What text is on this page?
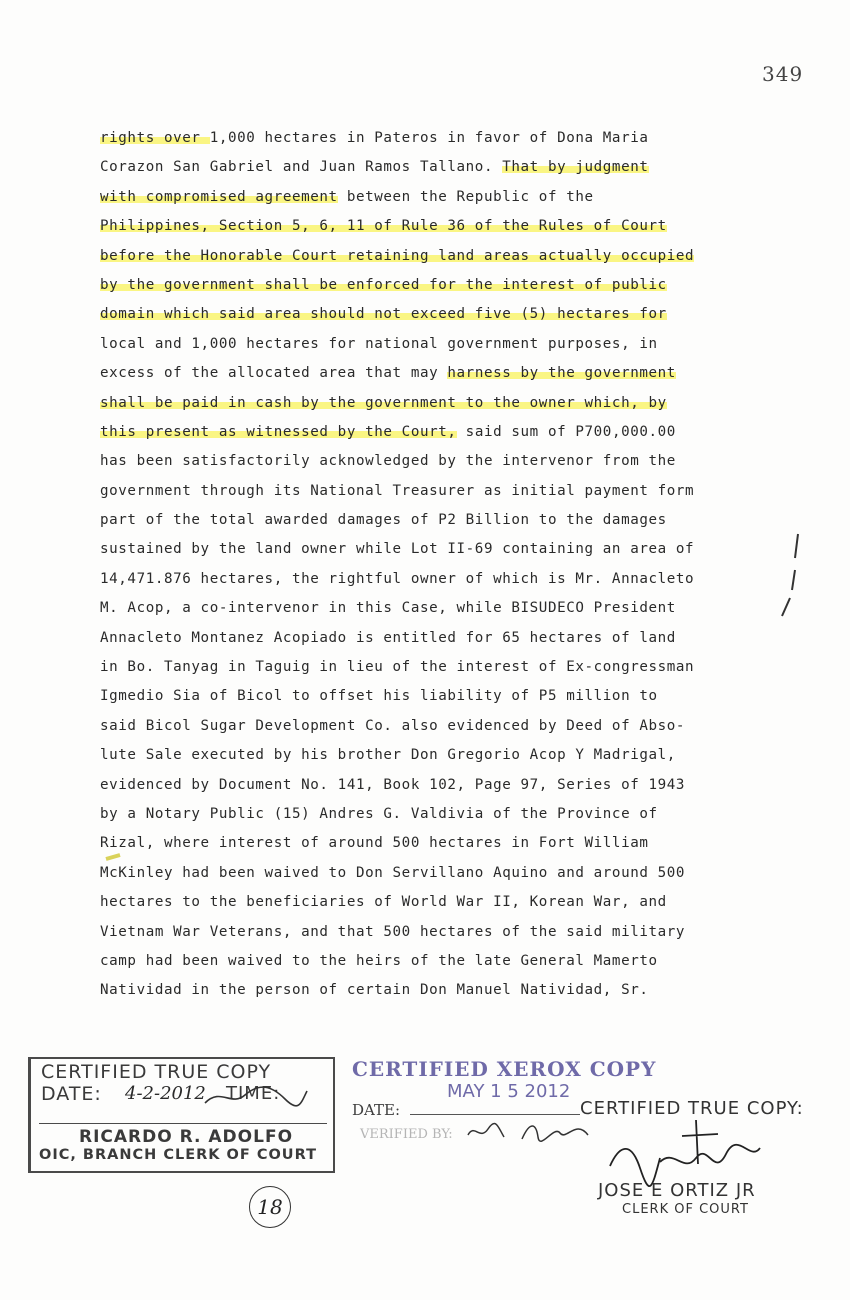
349
rights over 1,000 hectares in Pateros in favor of Dona Maria
Corazon San Gabriel and Juan Ramos Tallano. That by judgment
with compromised agreement between the Republic of the
Philippines, Section 5, 6, 11 of Rule 36 of the Rules of Court
before the Honorable Court retaining land areas actually occupied
by the government shall be enforced for the interest of public
domain which said area should not exceed five (5) hectares for
local and 1,000 hectares for national government purposes, in
excess of the allocated area that may harness by the government
shall be paid in cash by the government to the owner which, by
this present as witnessed by the Court, said sum of P700,000.00
has been satisfactorily acknowledged by the intervenor from the
government through its National Treasurer as initial payment form
part of the total awarded damages of P2 Billion to the damages
sustained by the land owner while Lot II-69 containing an area of
14,471.876 hectares, the rightful owner of which is Mr. Annacleto
M. Acop, a co-intervenor in this Case, while BISUDECO President
Annacleto Montanez Acopiado is entitled for 65 hectares of land
in Bo. Tanyag in Taguig in lieu of the interest of Ex-congressman
Igmedio Sia of Bicol to offset his liability of P5 million to
said Bicol Sugar Development Co. also evidenced by Deed of Abso-
lute Sale executed by his brother Don Gregorio Acop Y Madrigal,
evidenced by Document No. 141, Book 102, Page 97, Series of 1943
by a Notary Public (15) Andres G. Valdivia of the Province of
Rizal, where interest of around 500 hectares in Fort William
McKinley had been waived to Don Servillano Aquino and around 500
hectares to the beneficiaries of World War II, Korean War, and
Vietnam War Veterans, and that 500 hectares of the said military
camp had been waived to the heirs of the late General Mamerto
Natividad in the person of certain Don Manuel Natividad, Sr.
CERTIFIED TRUE COPY
DATE: 4-2-2012 TIME:
RICARDO R. ADOLFO
OIC, BRANCH CLERK OF COURT
CERTIFIED XEROX COPY
MAY 1 5 2012
DATE:
VERIFIED BY:
CERTIFIED TRUE COPY:
JOSE E ORTIZ JR
CLERK OF COURT
18
